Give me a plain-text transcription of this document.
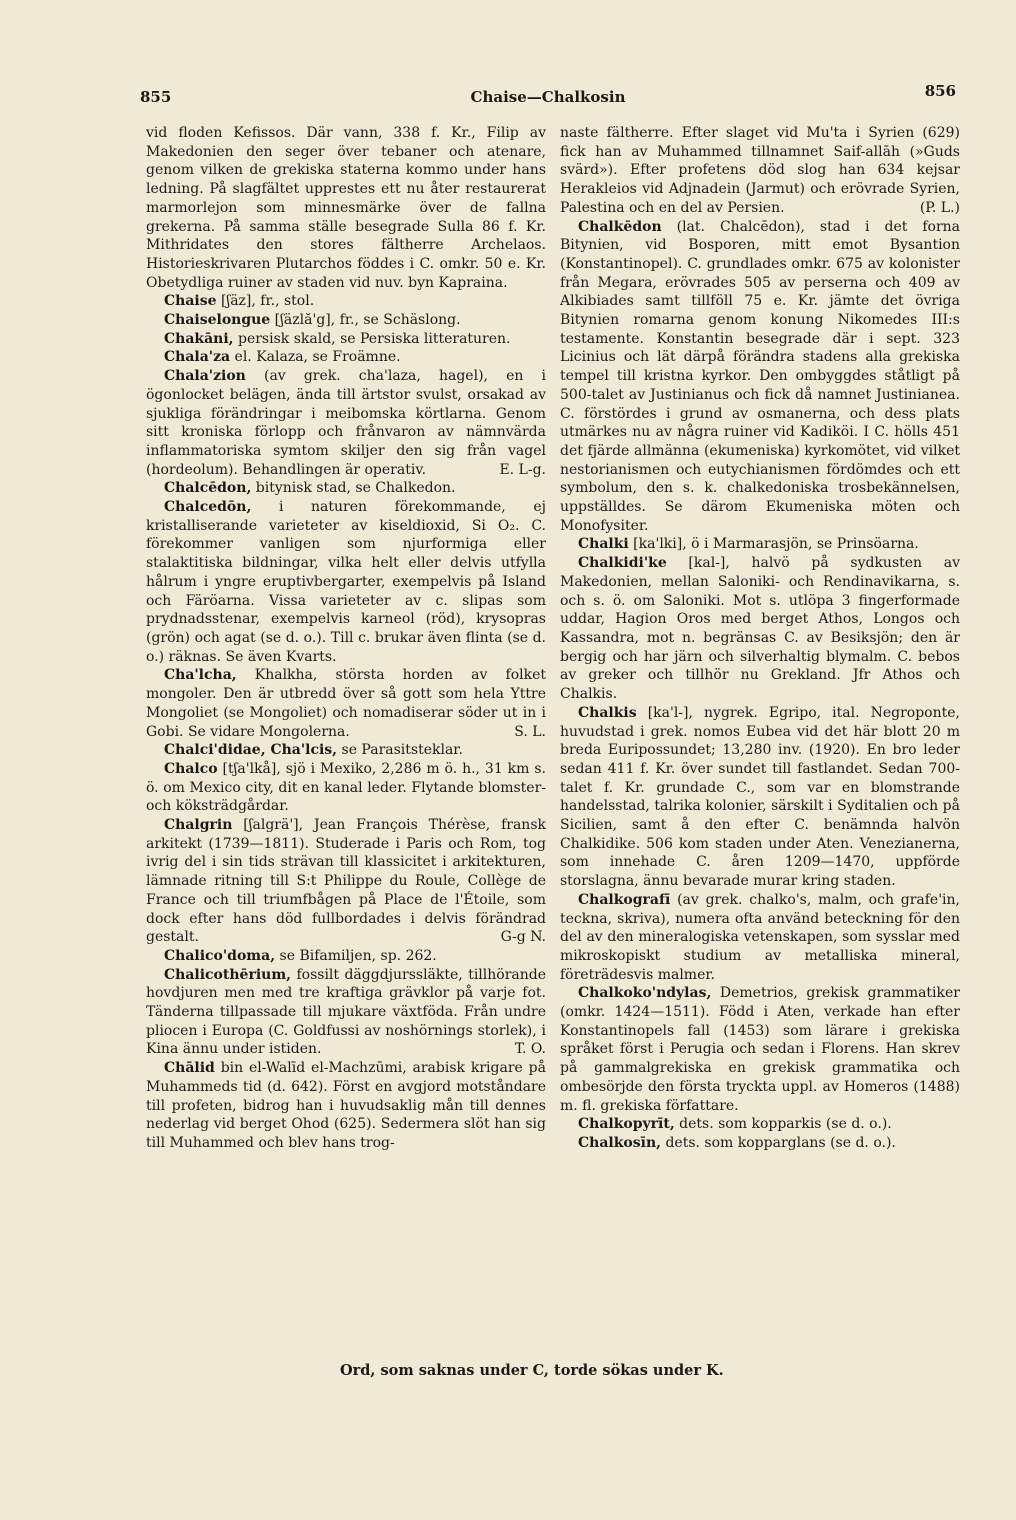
855	Chaise—Chalkosin	856

vid floden Kefissos. Där vann, 338 f. Kr., Filip av Makedonien den seger över tebaner och atenare, genom vilken de grekiska staterna kommo under hans ledning. På slagfältet upprestes ett nu åter restaurerat marmorlejon som minnesmärke över de fallna grekerna. På samma ställe besegrade Sulla 86 f. Kr. Mithridates den stores fältherre Archelaos. Historieskrivaren Plutarchos föddes i C. omkr. 50 e. Kr. Obetydliga ruiner av staden vid nuv. byn Kapraina.

Chaise [ʃäz], fr., stol.

Chaiselongue [ʃäzlă'g], fr., se Schäslong.

Chakāni, persisk skald, se Persiska litteraturen.

Chala'za el. Kalaza, se Froämne.

Chala'zion (av grek. cha'laza, hagel), en i ögonlocket belägen, ända till ärtstor svulst, orsakad av sjukliga förändringar i meibomska körtlarna. Genom sitt kroniska förlopp och frånvaron av nämnvärda inflammatoriska symtom skiljer den sig från vagel (hordeolum). Behandlingen är operativ.	E. L-g.

Chalcēdon, bitynisk stad, se Chalkedon.

Chalcedōn, i naturen förekommande, ej kristalliserande varieteter av kiseldioxid, Si O₂. C. förekommer vanligen som njurformiga eller stalaktitiska bildningar, vilka helt eller delvis utfylla hålrum i yngre eruptivbergarter, exempelvis på Island och Färöarna. Vissa varieteter av c. slipas som prydnadsstenar, exempelvis karneol (röd), krysopras (grön) och agat (se d. o.). Till c. brukar även flinta (se d. o.) räknas. Se även Kvarts.

Cha'lcha, Khalkha, största horden av folket mongoler. Den är utbredd över så gott som hela Yttre Mongoliet (se Mongoliet) och nomadiserar söder ut in i Gobi. Se vidare Mongolerna.	S. L.

Chalci'didae, Cha'lcis, se Parasitsteklar.

Chalco [tʃa'lkå], sjö i Mexiko, 2,286 m ö. h., 31 km s. ö. om Mexico city, dit en kanal leder. Flytande blomster- och köksträdgårdar.

Chalgrin [ʃalgrä'], Jean François Thérèse, fransk arkitekt (1739—1811). Studerade i Paris och Rom, tog ivrig del i sin tids strävan till klassicitet i arkitekturen, lämnade ritning till S:t Philippe du Roule, Collège de France och till triumfbågen på Place de l'Étoile, som dock efter hans död fullbordades i delvis förändrad gestalt.	G-g N.

Chalico'doma, se Bifamiljen, sp. 262.

Chalicothērium, fossilt däggdjurssläkte, tillhörande hovdjuren men med tre kraftiga grävklor på varje fot. Tänderna tillpassade till mjukare växtföda. Från undre pliocen i Europa (C. Goldfussi av noshörnings storlek), i Kina ännu under istiden.	T. O.

Chālid bin el-Walīd el-Machzūmi, arabisk krigare på Muhammeds tid (d. 642). Först en avgjord motståndare till profeten, bidrog han i huvudsaklig mån till dennes nederlag vid berget Ohod (625). Sedermera slöt han sig till Muhammed och blev hans trog-

naste fältherre. Efter slaget vid Mu'ta i Syrien (629) fick han av Muhammed tillnamnet Saif-allāh (»Guds svärd»). Efter profetens död slog han 634 kejsar Herakleios vid Adjnadein (Jarmut) och erövrade Syrien, Palestina och en del av Persien.	(P. L.)

Chalkēdon (lat. Chalcēdon), stad i det forna Bitynien, vid Bosporen, mitt emot Bysantion (Konstantinopel). C. grundlades omkr. 675 av kolonister från Megara, erövrades 505 av perserna och 409 av Alkibiades samt tillföll 75 e. Kr. jämte det övriga Bitynien romarna genom konung Nikomedes III:s testamente. Konstantin besegrade där i sept. 323 Licinius och lät därpå förändra stadens alla grekiska tempel till kristna kyrkor. Den ombyggdes ståtligt på 500-talet av Justinianus och fick då namnet Justinianea. C. förstördes i grund av osmanerna, och dess plats utmärkes nu av några ruiner vid Kadiköi. I C. hölls 451 det fjärde allmänna (ekumeniska) kyrkomötet, vid vilket nestorianismen och eutychianismen fördömdes och ett symbolum, den s. k. chalkedoniska trosbekännelsen, uppställdes. Se därom Ekumeniska möten och Monofysiter.

Chalki [ka'lki], ö i Marmarasjön, se Prinsöarna.

Chalkidi'ke [kal-], halvö på sydkusten av Makedonien, mellan Saloniki- och Rendinavikarna, s. och s. ö. om Saloniki. Mot s. utlöpa 3 fingerformade uddar, Hagion Oros med berget Athos, Longos och Kassandra, mot n. begränsas C. av Besiksjön; den är bergig och har järn och silverhaltig blymalm. C. bebos av greker och tillhör nu Grekland. Jfr Athos och Chalkis.

Chalkis [ka'l-], nygrek. Egripo, ital. Negroponte, huvudstad i grek. nomos Eubea vid det här blott 20 m breda Euripossundet; 13,280 inv. (1920). En bro leder sedan 411 f. Kr. över sundet till fastlandet. Sedan 700-talet f. Kr. grundade C., som var en blomstrande handelsstad, talrika kolonier, särskilt i Syditalien och på Sicilien, samt å den efter C. benämnda halvön Chalkidike. 506 kom staden under Aten. Venezianerna, som innehade C. åren 1209—1470, uppförde storslagna, ännu bevarade murar kring staden.

Chalkografī (av grek. chalko's, malm, och grafe'in, teckna, skriva), numera ofta använd beteckning för den del av den mineralogiska vetenskapen, som sysslar med mikroskopiskt studium av metalliska mineral, företrädesvis malmer.

Chalkoko'ndylas, Demetrios, grekisk grammatiker (omkr. 1424—1511). Född i Aten, verkade han efter Konstantinopels fall (1453) som lärare i grekiska språket först i Perugia och sedan i Florens. Han skrev på gammalgrekiska en grekisk grammatika och ombesörjde den första tryckta uppl. av Homeros (1488) m. fl. grekiska författare.

Chalkopyrīt, dets. som kopparkis (se d. o.).

Chalkosīn, dets. som kopparglans (se d. o.).

Ord, som saknas under C, torde sökas under K.
